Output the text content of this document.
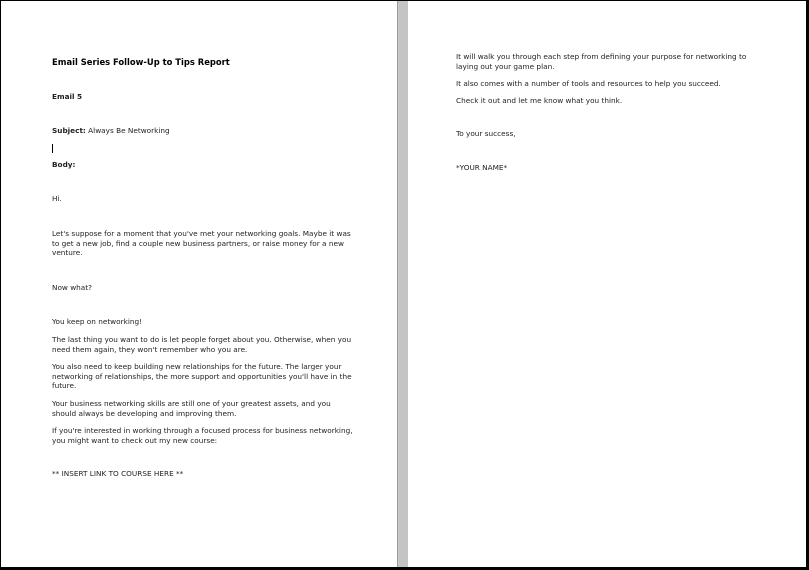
Email Series Follow-Up to Tips Report

Email 5

Subject: Always Be Networking

Body:

Hi.

Let's suppose for a moment that you've met your networking goals. Maybe it was to get a new job, find a couple new business partners, or raise money for a new venture.

Now what?

You keep on networking!

The last thing you want to do is let people forget about you. Otherwise, when you need them again, they won't remember who you are.

You also need to keep building new relationships for the future. The larger your networking of relationships, the more support and opportunities you'll have in the future.

Your business networking skills are still one of your greatest assets, and you should always be developing and improving them.

If you're interested in working through a focused process for business networking, you might want to check out my new course:

** INSERT LINK TO COURSE HERE **

It will walk you through each step from defining your purpose for networking to laying out your game plan.

It also comes with a number of tools and resources to help you succeed.

Check it out and let me know what you think.

To your success,

*YOUR NAME*
